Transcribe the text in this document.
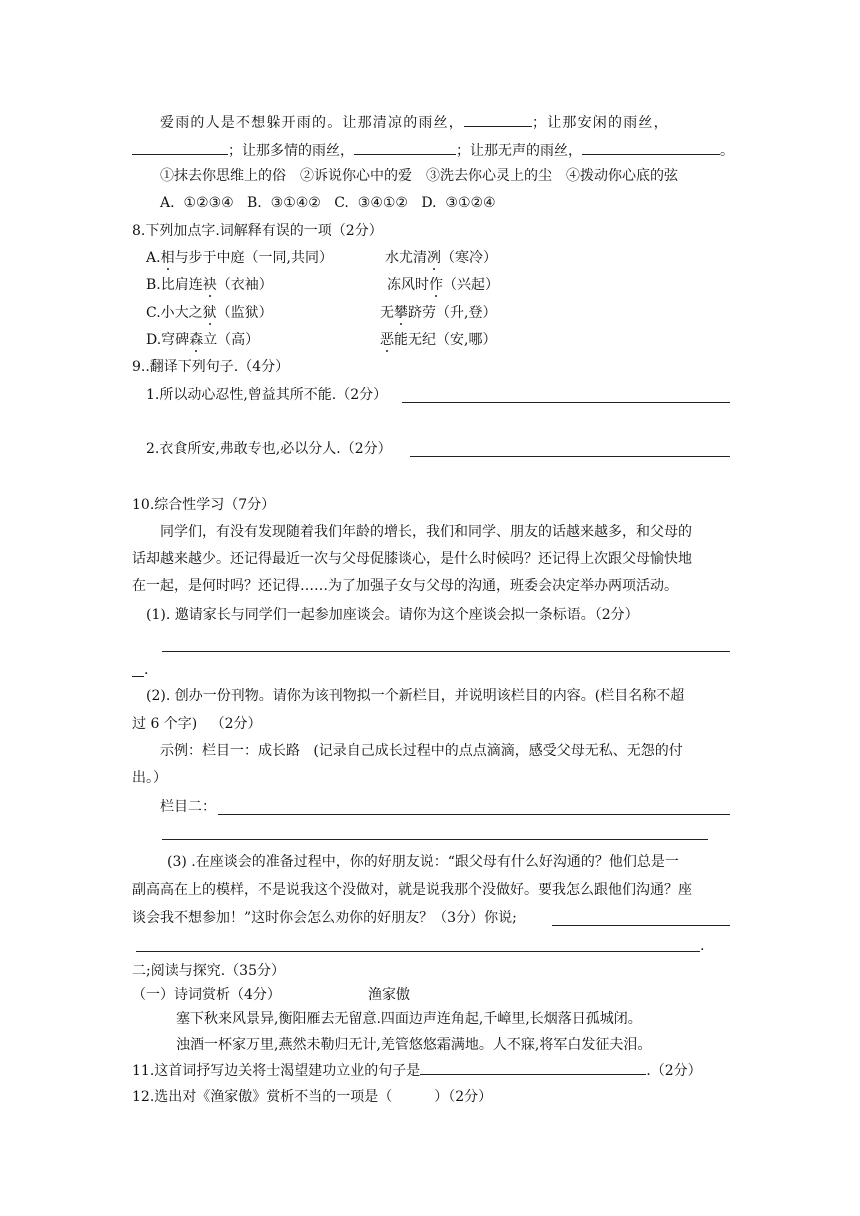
爱雨的人是不想躲开雨的。让那清凉的雨丝，	；让那安闲的雨丝，
；让那多情的雨丝，	；让那无声的雨丝，	。
①抹去你思维上的俗　②诉说你心中的爱　③洗去你心灵上的尘　④拨动你心底的弦
A.  ①②③④   B.  ③①④②   C.  ③④①②   D.  ③①②④
8.下列加点字.词解释有误的一项（2分）
A.相与步于中庭（一同,共同）	水尤清冽（寒冷）
B.比肩连袂（衣袖）	冻风时作（兴起）
C.小大之狱（监狱）	无攀跻劳（升,登）
D.穹碑森立（高）	恶能无纪（安,哪）
9..翻译下列句子.（4分）
1.所以动心忍性,曾益其所不能.（2分）
2.衣食所安,弗敢专也,必以分人.（2分）
10.综合性学习（7分）
同学们，有没有发现随着我们年龄的增长，我们和同学、朋友的话越来越多，和父母的
话却越来越少。还记得最近一次与父母促膝谈心，是什么时候吗？还记得上次跟父母愉快地
在一起，是何时吗？还记得……为了加强子女与父母的沟通，班委会决定举办两项活动。
(1). 邀请家长与同学们一起参加座谈会。请你为这个座谈会拟一条标语。（2分）
.
(2). 创办一份刊物。请你为该刊物拟一个新栏目，并说明该栏目的内容。(栏目名称不超
过 6 个字)   （2分）
示例：栏目一：成长路   (记录自己成长过程中的点点滴滴，感受父母无私、无怨的付
出。）
栏目二：
(3) .在座谈会的准备过程中，你的好朋友说：“跟父母有什么好沟通的？他们总是一
副高高在上的模样，不是说我这个没做对，就是说我那个没做好。要我怎么跟他们沟通？座
谈会我不想参加！”这时你会怎么劝你的好朋友？（3分）你说;
.
二;阅读与探究.（35分）
（一）诗词赏析（4分）	渔家傲
塞下秋来风景异,衡阳雁去无留意.四面边声连角起,千嶂里,长烟落日孤城闭。
浊酒一杯家万里,燕然未勒归无计,羌管悠悠霜满地。人不寐,将军白发征夫泪。
11.这首词抒写边关将士渴望建功立业的句子是	.（2分）
12.选出对《渔家傲》赏析不当的一项是（　　　）（2分）
